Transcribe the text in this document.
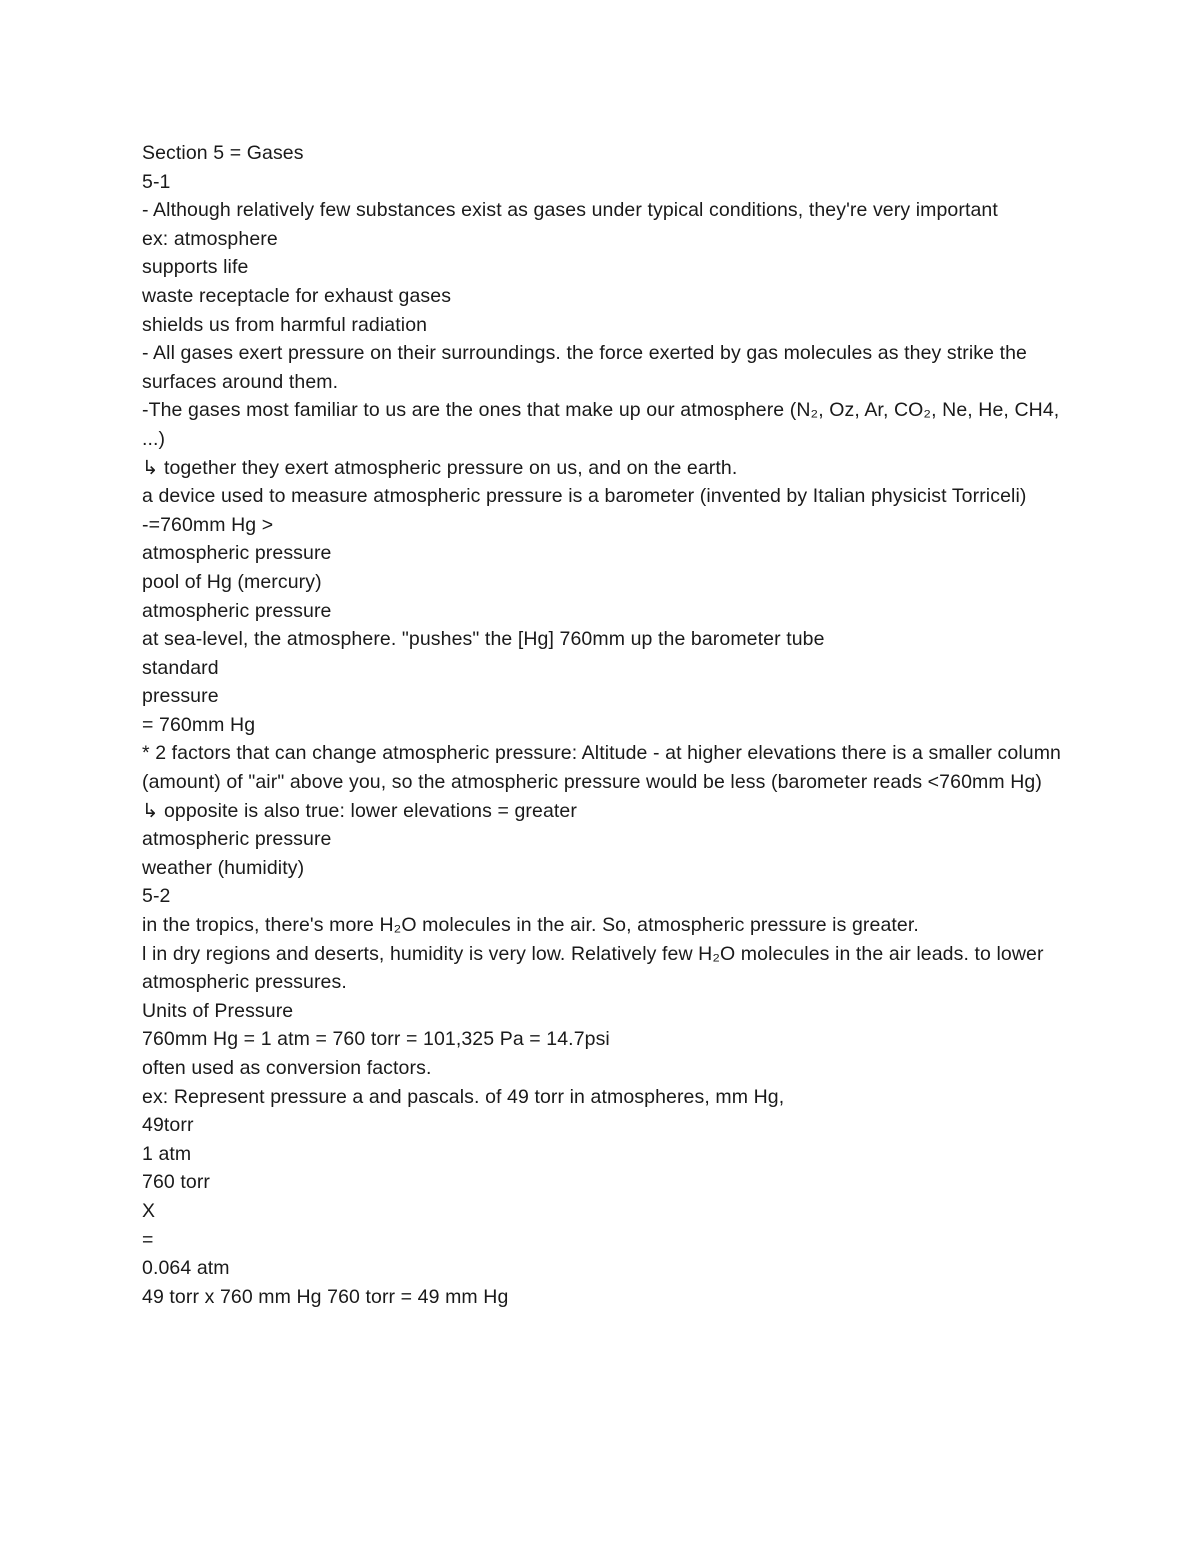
Section 5 = Gases

5-1

- Although relatively few substances exist as gases under typical conditions, they're very important

ex: atmosphere

supports life

waste receptacle for exhaust gases

shields us from harmful radiation

- All gases exert pressure on their surroundings. the force exerted by gas molecules as they strike the surfaces around them.

-The gases most familiar to us are the ones that make up our atmosphere (N₂, Oz, Ar, CO₂, Ne, He, CH4, ...)

↳ together they exert atmospheric pressure on us, and on the earth.

a device used to measure atmospheric pressure is a barometer (invented by Italian physicist Torriceli)

-=760mm Hg >

atmospheric pressure

pool of Hg (mercury)

atmospheric pressure

at sea-level, the atmosphere. "pushes" the [Hg] 760mm up the barometer tube

standard

pressure

= 760mm Hg

* 2 factors that can change atmospheric pressure: Altitude - at higher elevations there is a smaller column (amount) of "air" above you, so the atmospheric pressure would be less (barometer reads <760mm Hg)

↳ opposite is also true: lower elevations = greater

atmospheric pressure

weather (humidity)

5-2

in the tropics, there's more H₂O molecules in the air. So, atmospheric pressure is greater.

l in dry regions and deserts, humidity is very low. Relatively few H₂O molecules in the air leads. to lower atmospheric pressures.

Units of Pressure

760mm Hg = 1 atm = 760 torr = 101,325 Pa = 14.7psi

often used as conversion factors.

ex: Represent pressure a and pascals. of 49 torr in atmospheres, mm Hg,

49torr

1 atm

760 torr

X

=

0.064 atm

49 torr x 760 mm Hg 760 torr = 49 mm Hg
